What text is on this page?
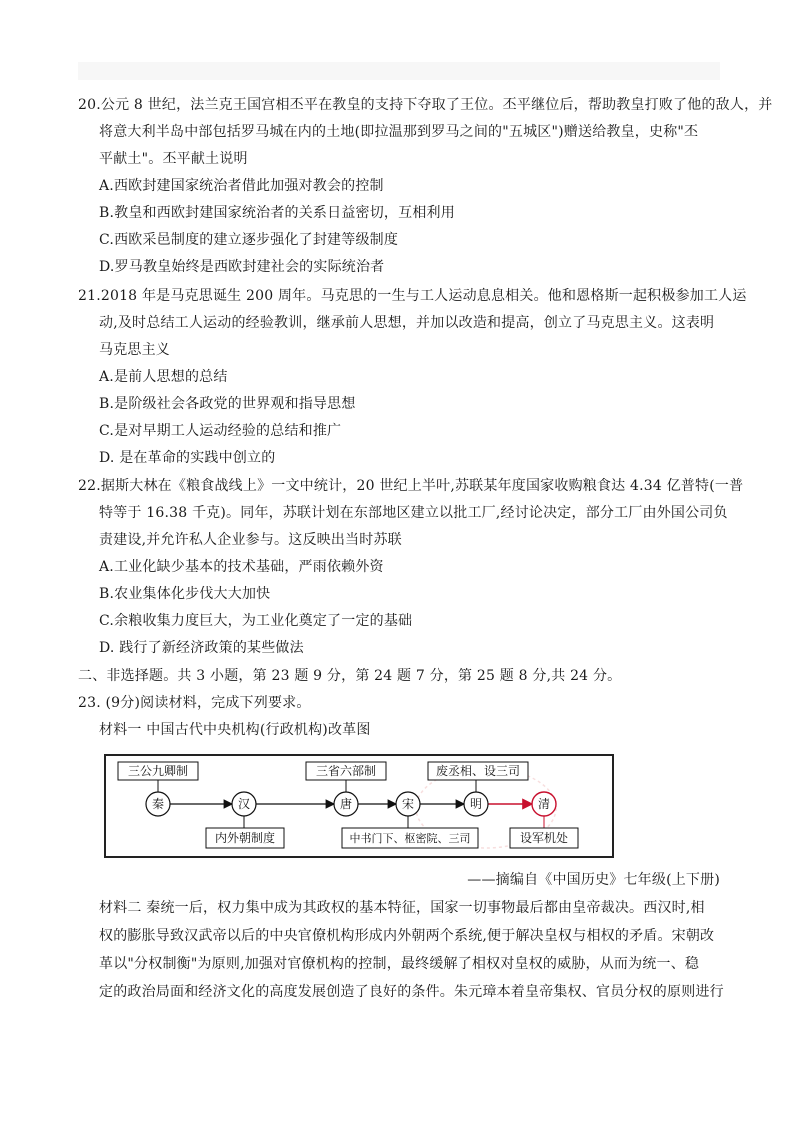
20.公元 8 世纪，法兰克王国宫相丕平在教皇的支持下夺取了王位。丕平继位后，帮助教皇打败了他的敌人，并
将意大利半岛中部包括罗马城在内的土地(即拉温那到罗马之间的"五城区")赠送给教皇，史称"丕
平献土"。丕平献土说明
A.西欧封建国家统治者借此加强对教会的控制
B.教皇和西欧封建国家统治者的关系日益密切，互相利用
C.西欧采邑制度的建立逐步强化了封建等级制度
D.罗马教皇始终是西欧封建社会的实际统治者
21.2018 年是马克思诞生 200 周年。马克思的一生与工人运动息息相关。他和恩格斯一起积极参加工人运
动,及时总结工人运动的经验教训，继承前人思想，并加以改造和提高，创立了马克思主义。这表明
马克思主义
A.是前人思想的总结
B.是阶级社会各政党的世界观和指导思想
C.是对早期工人运动经验的总结和推广
D. 是在革命的实践中创立的
22.据斯大林在《粮食战线上》一文中统计，20 世纪上半叶,苏联某年度国家收购粮食达 4.34 亿普特(一普
特等于 16.38 千克)。同年，苏联计划在东部地区建立以批工厂,经讨论决定，部分工厂由外国公司负
责建设,并允许私人企业参与。这反映出当时苏联
A.工业化缺少基本的技术基础，严雨依赖外资
B.农业集体化步伐大大加快
C.余粮收集力度巨大，为工业化奠定了一定的基础
D. 践行了新经济政策的某些做法
二、非选择题。共 3 小题，第 23 题 9 分，第 24 题 7 分，第 25 题 8 分,共 24 分。
23. (9分)阅读材料，完成下列要求。
材料一 中国古代中央机构(行政机构)改革图
三公九卿制	三省六部制	废丞相、设三司
内外朝制度	中书门下、枢密院、三司	设军机处
秦	汉	唐	宋	明	清
——摘编自《中国历史》七年级(上下册)
材料二 秦统一后，权力集中成为其政权的基本特征，国家一切事物最后都由皇帝裁决。西汉时,相
权的膨胀导致汉武帝以后的中央官僚机构形成内外朝两个系统,便于解决皇权与相权的矛盾。宋朝改
革以"分权制衡"为原则,加强对官僚机构的控制，最终缓解了相权对皇权的威胁，从而为统一、稳
定的政治局面和经济文化的高度发展创造了良好的条件。朱元璋本着皇帝集权、官员分权的原则进行
